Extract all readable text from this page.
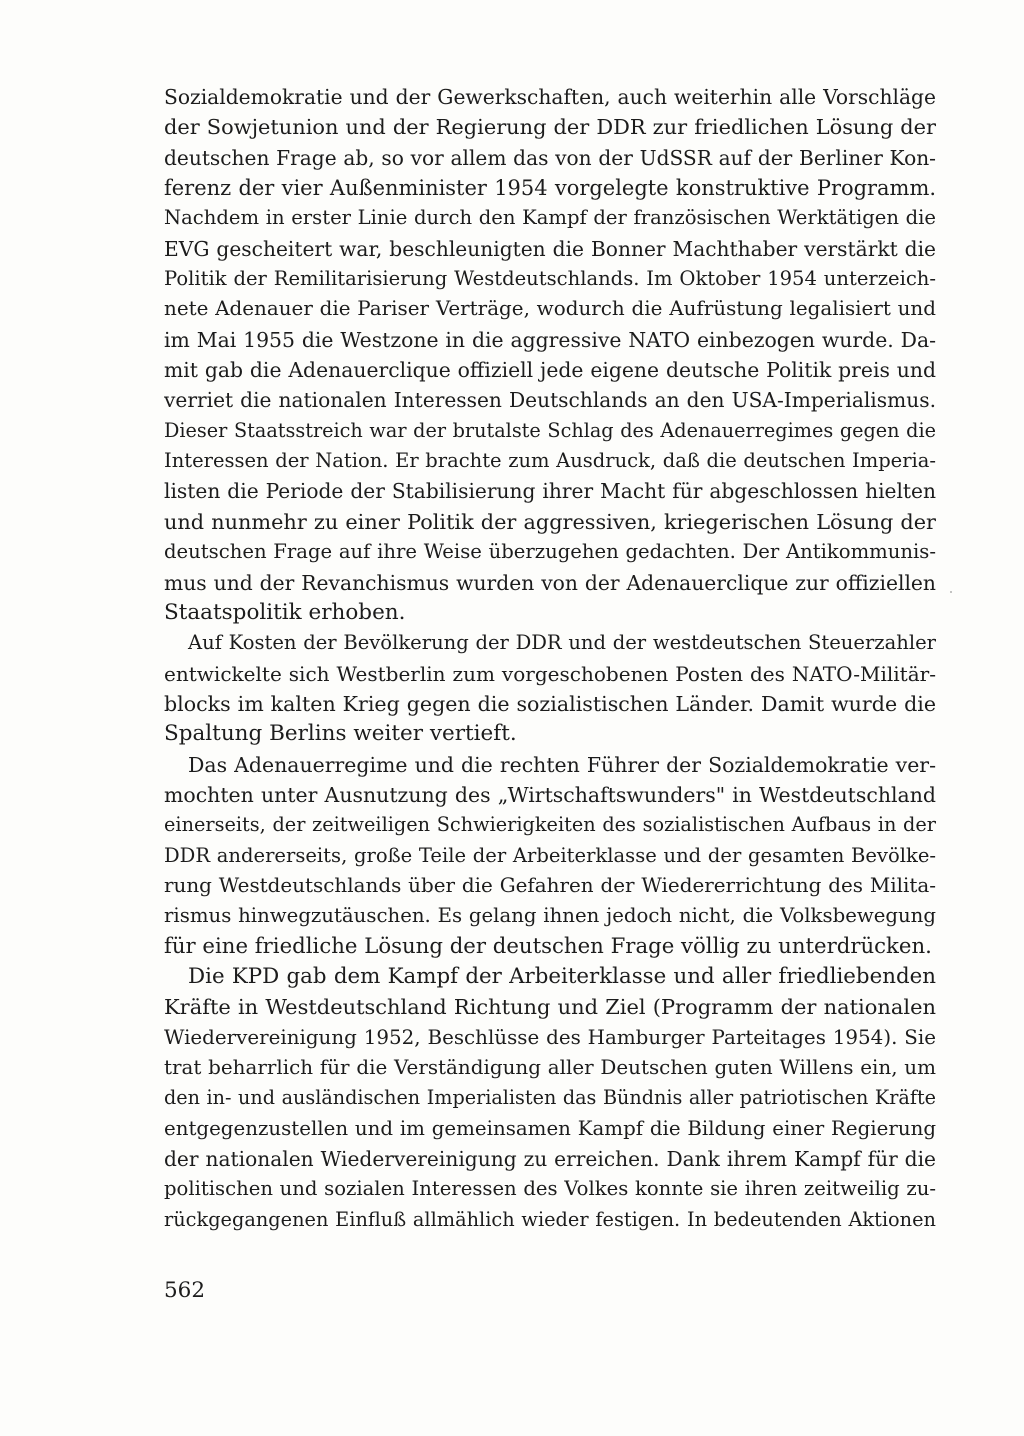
Sozialdemokratie und der Gewerkschaften, auch weiterhin alle Vorschläge
der Sowjetunion und der Regierung der DDR zur friedlichen Lösung der
deutschen Frage ab, so vor allem das von der UdSSR auf der Berliner Kon-
ferenz der vier Außenminister 1954 vorgelegte konstruktive Programm.
Nachdem in erster Linie durch den Kampf der französischen Werktätigen die
EVG gescheitert war, beschleunigten die Bonner Machthaber verstärkt die
Politik der Remilitarisierung Westdeutschlands. Im Oktober 1954 unterzeich-
nete Adenauer die Pariser Verträge, wodurch die Aufrüstung legalisiert und
im Mai 1955 die Westzone in die aggressive NATO einbezogen wurde. Da-
mit gab die Adenauerclique offiziell jede eigene deutsche Politik preis und
verriet die nationalen Interessen Deutschlands an den USA-Imperialismus.
Dieser Staatsstreich war der brutalste Schlag des Adenauerregimes gegen die
Interessen der Nation. Er brachte zum Ausdruck, daß die deutschen Imperia-
listen die Periode der Stabilisierung ihrer Macht für abgeschlossen hielten
und nunmehr zu einer Politik der aggressiven, kriegerischen Lösung der
deutschen Frage auf ihre Weise überzugehen gedachten. Der Antikommunis-
mus und der Revanchismus wurden von der Adenauerclique zur offiziellen
Staatspolitik erhoben.
Auf Kosten der Bevölkerung der DDR und der westdeutschen Steuerzahler
entwickelte sich Westberlin zum vorgeschobenen Posten des NATO-Militär-
blocks im kalten Krieg gegen die sozialistischen Länder. Damit wurde die
Spaltung Berlins weiter vertieft.
Das Adenauerregime und die rechten Führer der Sozialdemokratie ver-
mochten unter Ausnutzung des „Wirtschaftswunders" in Westdeutschland
einerseits, der zeitweiligen Schwierigkeiten des sozialistischen Aufbaus in der
DDR andererseits, große Teile der Arbeiterklasse und der gesamten Bevölke-
rung Westdeutschlands über die Gefahren der Wiedererrichtung des Milita-
rismus hinwegzutäuschen. Es gelang ihnen jedoch nicht, die Volksbewegung
für eine friedliche Lösung der deutschen Frage völlig zu unterdrücken.
Die KPD gab dem Kampf der Arbeiterklasse und aller friedliebenden
Kräfte in Westdeutschland Richtung und Ziel (Programm der nationalen
Wiedervereinigung 1952, Beschlüsse des Hamburger Parteitages 1954). Sie
trat beharrlich für die Verständigung aller Deutschen guten Willens ein, um
den in- und ausländischen Imperialisten das Bündnis aller patriotischen Kräfte
entgegenzustellen und im gemeinsamen Kampf die Bildung einer Regierung
der nationalen Wiedervereinigung zu erreichen. Dank ihrem Kampf für die
politischen und sozialen Interessen des Volkes konnte sie ihren zeitweilig zu-
rückgegangenen Einfluß allmählich wieder festigen. In bedeutenden Aktionen
562
